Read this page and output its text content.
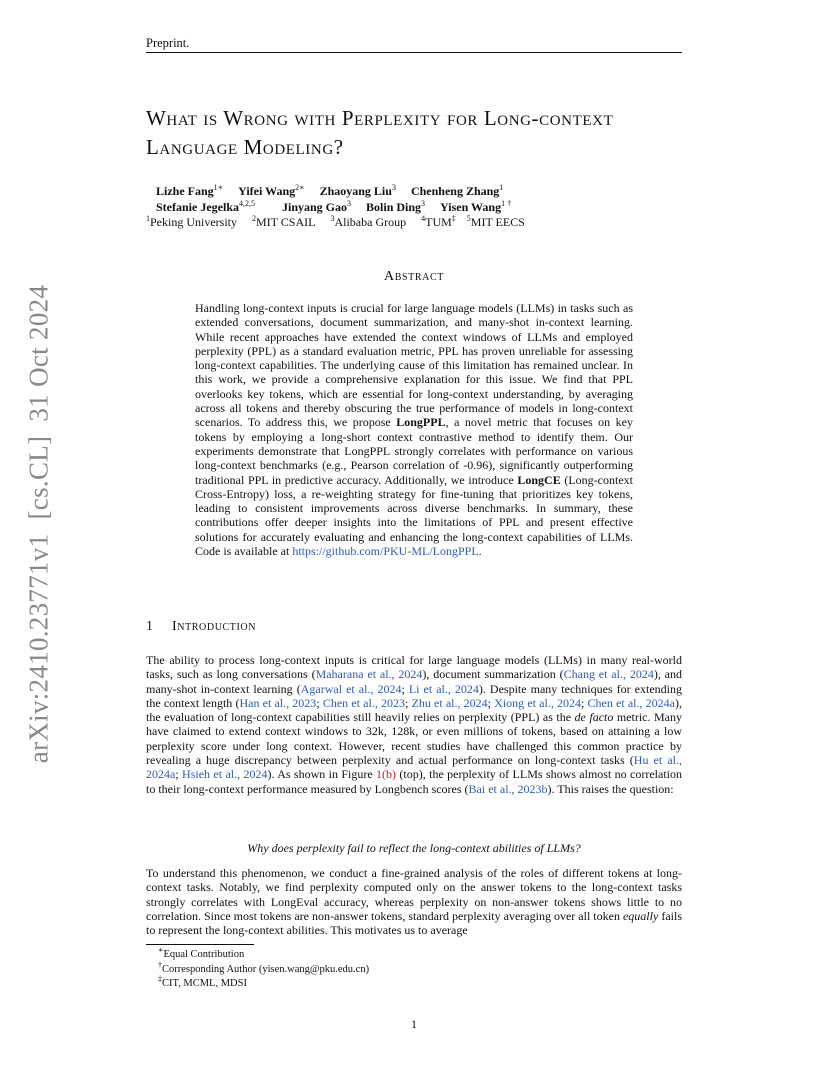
Preprint.
What is Wrong with Perplexity for Long-context Language Modeling?
Lizhe Fang$^{1∗}$ Yifei Wang$^{2∗}$ Zhaoyang Liu$^3$ Chenheng Zhang$^1$
Stefanie Jegelka$^{4,2,5}$ Jinyang Gao$^3$ Bolin Ding$^3$ Yisen Wang$^{1 \dagger}$
$^1$Peking University $^2$MIT CSAIL $^3$Alibaba Group $^4$TUM‡ $^5$MIT EECS
Abstract

Handling long-context inputs is crucial for large language models (LLMs) in tasks such as extended conversations, document summarization, and many-shot in-context learning. While recent approaches have extended the context windows of LLMs and employed perplexity (PPL) as a standard evaluation metric, PPL has proven unreliable for assessing long-context capabilities. The underlying cause of this limitation has remained unclear. In this work, we provide a comprehensive explanation for this issue. We find that PPL overlooks key tokens, which are essential for long-context understanding, by averaging across all tokens and thereby obscuring the true performance of models in long-context scenarios. To address this, we propose LongPPL, a novel metric that focuses on key tokens by employing a long-short context contrastive method to identify them. Our experiments demonstrate that LongPPL strongly correlates with performance on various long-context benchmarks (e.g., Pearson correlation of -0.96), significantly outperforming traditional PPL in predictive accuracy. Additionally, we introduce LongCE (Long-context Cross-Entropy) loss, a re-weighting strategy for fine-tuning that prioritizes key tokens, leading to consistent improvements across diverse benchmarks. In summary, these contributions offer deeper insights into the limitations of PPL and present effective solutions for accurately evaluating and enhancing the long-context capabilities of LLMs. Code is available at https://github.com/PKU-ML/LongPPL.

1 Introduction

The ability to process long-context inputs is critical for large language models (LLMs) in many real-world tasks, such as long conversations (Maharana et al., 2024), document summarization (Chang et al., 2024), and many-shot in-context learning (Agarwal et al., 2024; Li et al., 2024). Despite many techniques for extending the context length (Han et al., 2023; Chen et al., 2023; Zhu et al., 2024; Xiong et al., 2024; Chen et al., 2024a), the evaluation of long-context capabilities still heavily relies on perplexity (PPL) as the de facto metric. Many have claimed to extend context windows to 32k, 128k, or even millions of tokens, based on attaining a low perplexity score under long context. However, recent studies have challenged this common practice by revealing a huge discrepancy between perplexity and actual performance on long-context tasks (Hu et al., 2024a; Hsieh et al., 2024). As shown in Figure 1(b) (top), the perplexity of LLMs shows almost no correlation to their long-context performance measured by Longbench scores (Bai et al., 2023b). This raises the question:

Why does perplexity fail to reflect the long-context abilities of LLMs?

To understand this phenomenon, we conduct a fine-grained analysis of the roles of different tokens at long-context tasks. Notably, we find perplexity computed only on the answer tokens to the long-context tasks strongly correlates with LongEval accuracy, whereas perplexity on non-answer tokens shows little to no correlation. Since most tokens are non-answer tokens, standard perplexity averaging over all token equally fails to represent the long-context abilities. This motivates us to average

∗Equal Contribution
†Corresponding Author (yisen.wang@pku.edu.cn)
‡CIT, MCML, MDSI
1
arXiv:2410.23771v1  [cs.CL]  31 Oct 2024
